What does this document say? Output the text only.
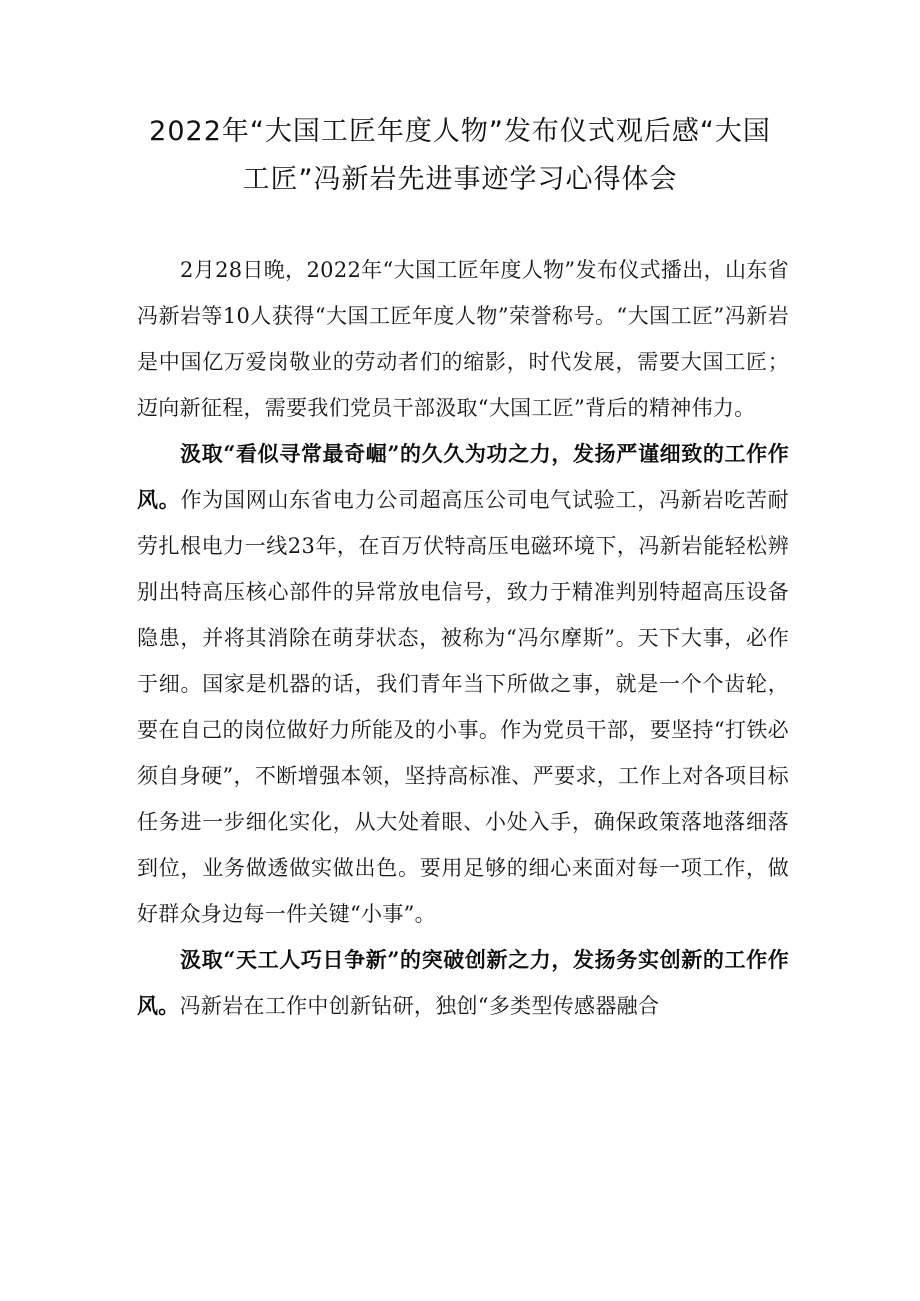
2022年“大国工匠年度人物”发布仪式观后感“大国
工匠”冯新岩先进事迹学习心得体会

2月28日晚，2022年“大国工匠年度人物”发布仪式播出，山东省冯新岩等10人获得“大国工匠年度人物”荣誉称号。“大国工匠”冯新岩是中国亿万爱岗敬业的劳动者们的缩影，时代发展，需要大国工匠；迈向新征程，需要我们党员干部汲取“大国工匠”背后的精神伟力。

汲取“看似寻常最奇崛”的久久为功之力，发扬严谨细致的工作作风。作为国网山东省电力公司超高压公司电气试验工，冯新岩吃苦耐劳扎根电力一线23年，在百万伏特高压电磁环境下，冯新岩能轻松辨别出特高压核心部件的异常放电信号，致力于精准判别特超高压设备隐患，并将其消除在萌芽状态，被称为“冯尔摩斯”。天下大事，必作于细。国家是机器的话，我们青年当下所做之事，就是一个个齿轮，要在自己的岗位做好力所能及的小事。作为党员干部，要坚持“打铁必须自身硬”，不断增强本领，坚持高标准、严要求，工作上对各项目标任务进一步细化实化，从大处着眼、小处入手，确保政策落地落细落到位，业务做透做实做出色。要用足够的细心来面对每一项工作，做好群众身边每一件关键“小事”。

汲取“天工人巧日争新”的突破创新之力，发扬务实创新的工作作风。冯新岩在工作中创新钻研，独创“多类型传感器融合
